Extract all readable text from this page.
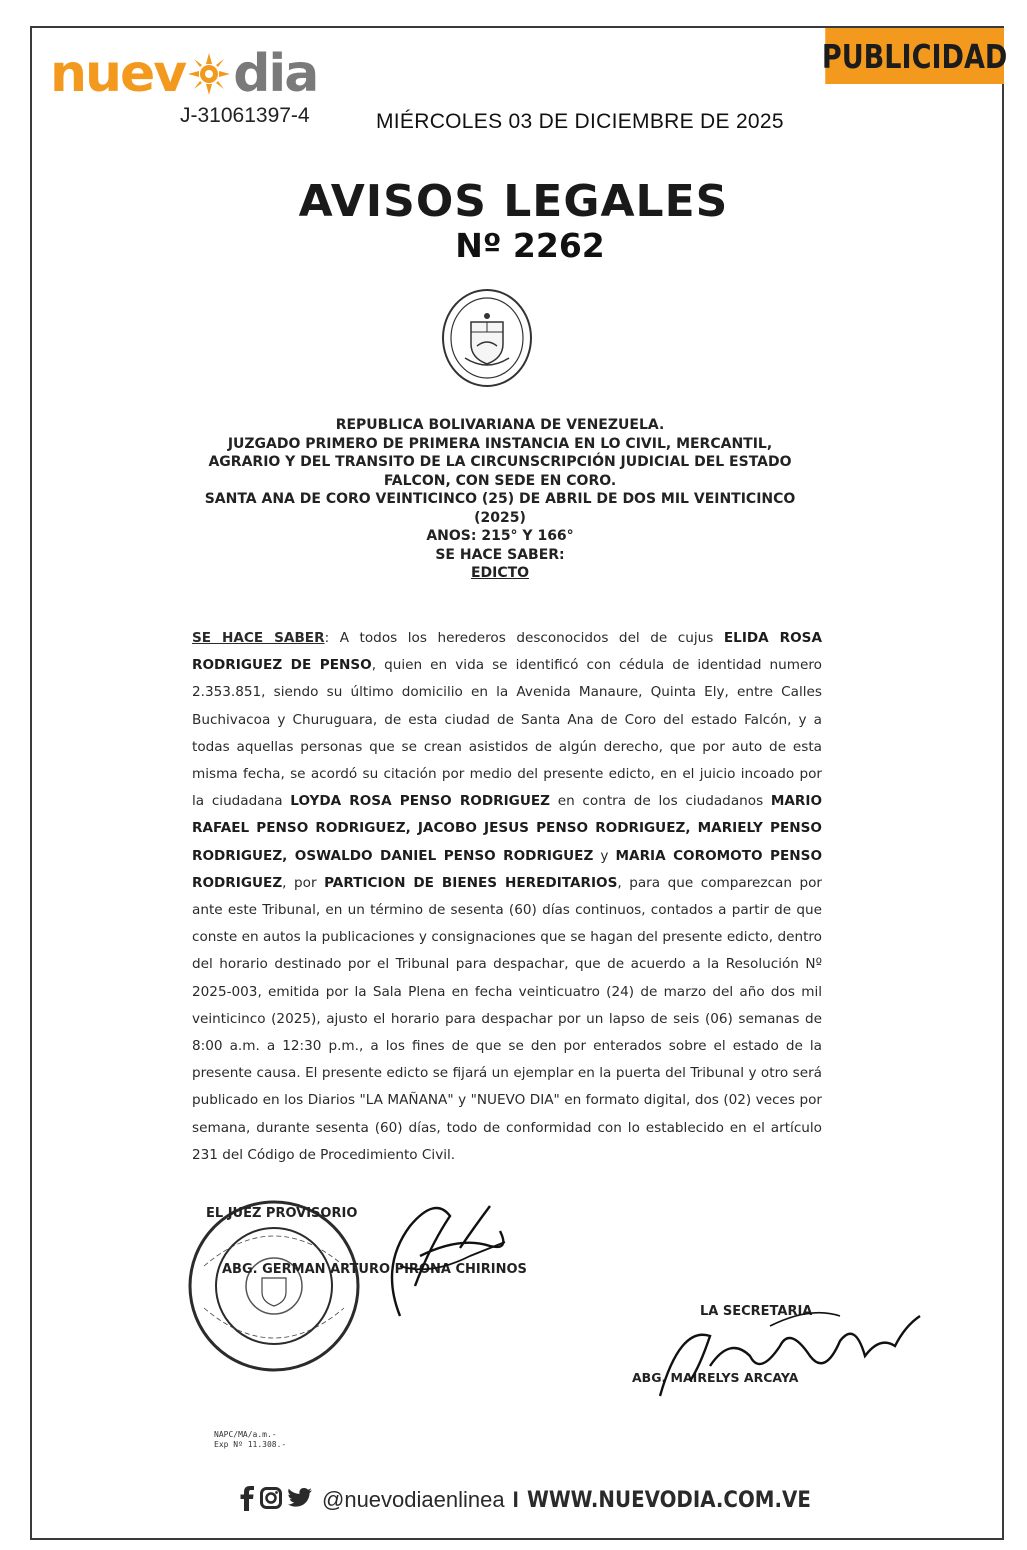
PUBLICIDAD
nuev dia
J-31061397-4	MIÉRCOLES 03 DE DICIEMBRE DE 2025
AVISOS LEGALES
Nº 2262
REPUBLICA BOLIVARIANA DE VENEZUELA.
JUZGADO PRIMERO DE PRIMERA INSTANCIA EN LO CIVIL, MERCANTIL,
AGRARIO Y DEL TRANSITO DE LA CIRCUNSCRIPCIÓN JUDICIAL DEL ESTADO
FALCON, CON SEDE EN CORO.
SANTA ANA DE CORO VEINTICINCO (25) DE ABRIL DE DOS MIL VEINTICINCO
(2025)
ANOS: 215° Y 166°
SE HACE SABER:
EDICTO
SE HACE SABER: A todos los herederos desconocidos del de cujus ELIDA ROSA RODRIGUEZ DE PENSO, quien en vida se identificó con cédula de identidad numero 2.353.851, siendo su último domicilio en la Avenida Manaure, Quinta Ely, entre Calles Buchivacoa y Churuguara, de esta ciudad de Santa Ana de Coro del estado Falcón, y a todas aquellas personas que se crean asistidos de algún derecho, que por auto de esta misma fecha, se acordó su citación por medio del presente edicto, en el juicio incoado por la ciudadana LOYDA ROSA PENSO RODRIGUEZ en contra de los ciudadanos MARIO RAFAEL PENSO RODRIGUEZ, JACOBO JESUS PENSO RODRIGUEZ, MARIELY PENSO RODRIGUEZ, OSWALDO DANIEL PENSO RODRIGUEZ y MARIA COROMOTO PENSO RODRIGUEZ, por PARTICION DE BIENES HEREDITARIOS, para que comparezcan por ante este Tribunal, en un término de sesenta (60) días continuos, contados a partir de que conste en autos la publicaciones y consignaciones que se hagan del presente edicto, dentro del horario destinado por el Tribunal para despachar, que de acuerdo a la Resolución Nº 2025-003, emitida por la Sala Plena en fecha veinticuatro (24) de marzo del año dos mil veinticinco (2025), ajusto el horario para despachar por un lapso de seis (06) semanas de 8:00 a.m. a 12:30 p.m., a los fines de que se den por enterados sobre el estado de la presente causa. El presente edicto se fijará un ejemplar en la puerta del Tribunal y otro será publicado en los Diarios "LA MAÑANA" y "NUEVO DIA" en formato digital, dos (02) veces por semana, durante sesenta (60) días, todo de conformidad con lo establecido en el artículo 231 del Código de Procedimiento Civil.
EL JUEZ PROVISORIO
ABG. GERMAN ARTURO PIRONA CHIRINOS
LA SECRETARIA
ABG. MAIRELYS ARCAYA
NAPC/MA/a.m.-
Exp Nº 11.308.-
@nuevodiaenlinea I WWW.NUEVODIA.COM.VE
